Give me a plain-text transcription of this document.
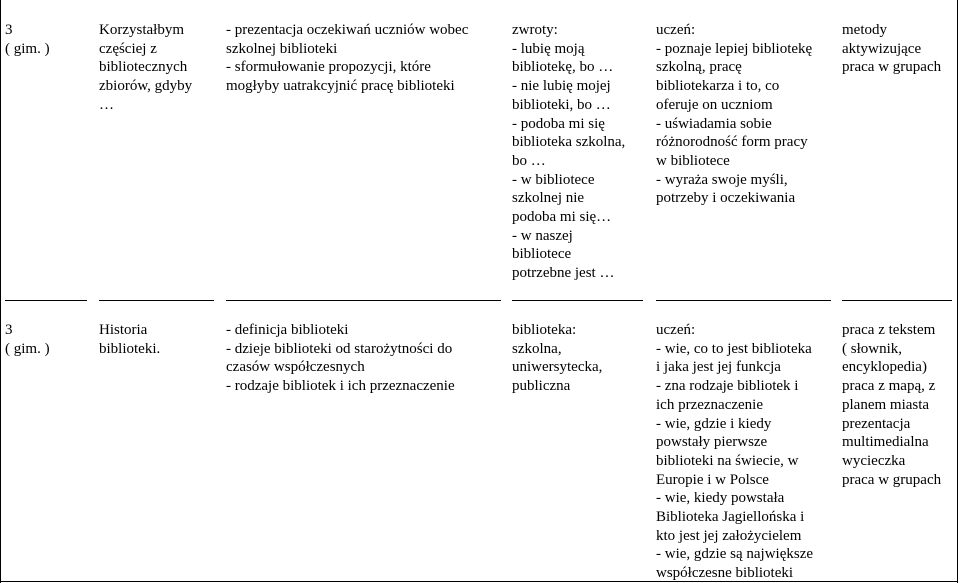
3
( gim. )
Korzystałbym
częściej z
bibliotecznych
zbiorów, gdyby
…
- prezentacja oczekiwań uczniów wobec
szkolnej biblioteki
- sformułowanie propozycji, które
mogłyby uatrakcyjnić pracę biblioteki
zwroty:
- lubię moją
bibliotekę, bo …
- nie lubię mojej
biblioteki, bo …
- podoba mi się
biblioteka szkolna,
bo …
- w bibliotece
szkolnej nie
podoba mi się…
- w naszej
bibliotece
potrzebne jest …
uczeń:
- poznaje lepiej bibliotekę
szkolną, pracę
bibliotekarza i to, co
oferuje on uczniom
- uświadamia sobie
różnorodność form pracy
w bibliotece
- wyraża swoje myśli,
potrzeby i oczekiwania
metody
aktywizujące
praca w grupach
3
( gim. )
Historia
biblioteki.
- definicja biblioteki
- dzieje biblioteki od starożytności do
czasów współczesnych
- rodzaje bibliotek i ich przeznaczenie
biblioteka:
szkolna,
uniwersytecka,
publiczna
uczeń:
- wie, co to jest biblioteka
i jaka jest jej funkcja
- zna rodzaje bibliotek i
ich przeznaczenie
- wie, gdzie i kiedy
powstały pierwsze
biblioteki na świecie, w
Europie i w Polsce
- wie, kiedy powstała
Biblioteka Jagiellońska i
kto jest jej założycielem
- wie, gdzie są największe
współczesne biblioteki
praca z tekstem
( słownik,
encyklopedia)
praca z mapą, z
planem miasta
prezentacja
multimedialna
wycieczka
praca w grupach
